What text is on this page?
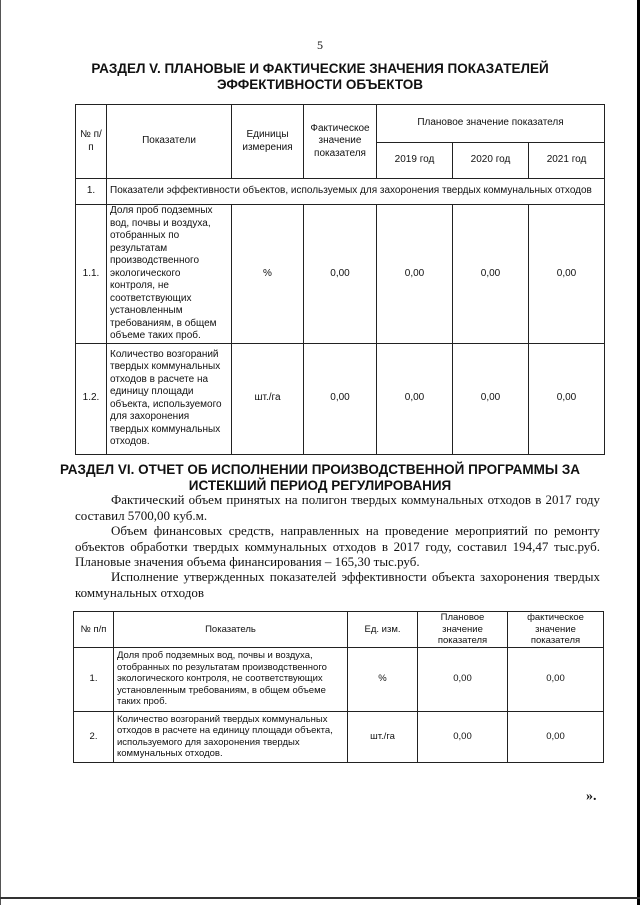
5
РАЗДЕЛ V. ПЛАНОВЫЕ И ФАКТИЧЕСКИЕ ЗНАЧЕНИЯ ПОКАЗАТЕЛЕЙ
ЭФФЕКТИВНОСТИ ОБЪЕКТОВ
№ п/п	Показатели	Единицы измерения	Фактическое значение показателя	Плановое значение показателя		
				2019 год	2020 год	2021 год
1.	Показатели эффективности объектов, используемых для захоронения твердых коммунальных отходов					
1.1.	Доля проб подземных вод, почвы и воздуха, отобранных по результатам производственного экологического контроля, не соответствующих установленным требованиям, в общем объеме таких проб.	%	0,00	0,00	0,00	0,00
1.2.	Количество возгораний твердых коммунальных отходов в расчете на единицу площади объекта, используемого для захоронения твердых коммунальных отходов.	шт./га	0,00	0,00	0,00	0,00
РАЗДЕЛ VI. ОТЧЕТ ОБ ИСПОЛНЕНИИ ПРОИЗВОДСТВЕННОЙ ПРОГРАММЫ ЗА
ИСТЕКШИЙ ПЕРИОД РЕГУЛИРОВАНИЯ

Фактический объем принятых на полигон твердых коммунальных отходов в 2017 году составил 5700,00 куб.м.

Объем финансовых средств, направленных на проведение мероприятий по ремонту объектов обработки твердых коммунальных отходов в 2017 году, составил 194,47 тыс.руб. Плановые значения объема финансирования – 165,30 тыс.руб.

Исполнение утвержденных показателей эффективности объекта захоронения твердых коммунальных отходов

№ п/п	Показатель	Ед. изм.	Плановое значение показателя	фактическое значение показателя
1.	Доля проб подземных вод, почвы и воздуха, отобранных по результатам производственного экологического контроля, не соответствующих установленным требованиям, в общем объеме таких проб.	%	0,00	0,00
2.	Количество возгораний твердых коммунальных отходов в расчете на единицу площади объекта, используемого для захоронения твердых коммунальных отходов.	шт./га	0,00	0,00
».
